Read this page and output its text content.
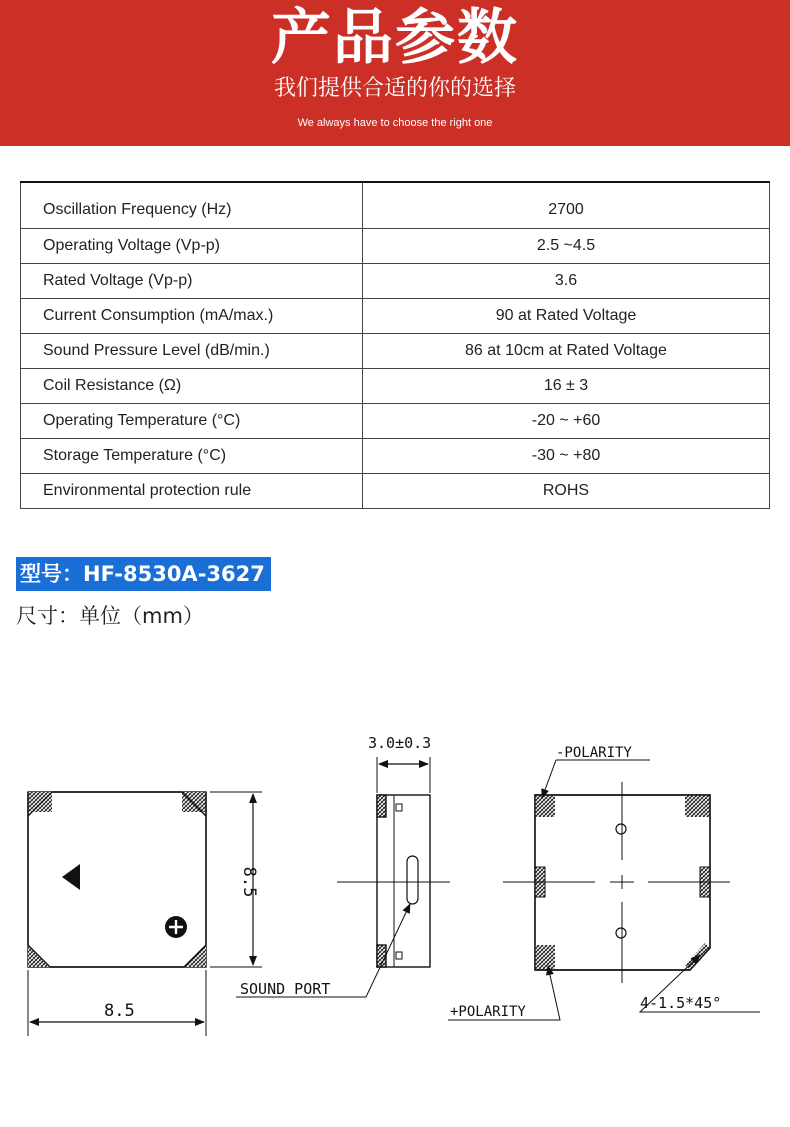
产品参数
我们提供合适的你的选择
We always have to choose the right one
Oscillation Frequency (Hz)	2700
Operating Voltage (Vp-p)	2.5 ~4.5
Rated Voltage (Vp-p)	3.6
Current Consumption (mA/max.)	90 at Rated Voltage
Sound Pressure Level (dB/min.)	86 at 10cm at Rated Voltage
Coil Resistance (Ω)	16 ± 3
Operating Temperature (°C)	-20 ~ +60
Storage Temperature (°C)	-30 ~ +80
Environmental protection rule	ROHS
型号：HF-8530A-3627
尺寸：单位（mm）
8.5
8.5
3.0±0.3
SOUND PORT
-POLARITY
+POLARITY	4-1.5*45°
